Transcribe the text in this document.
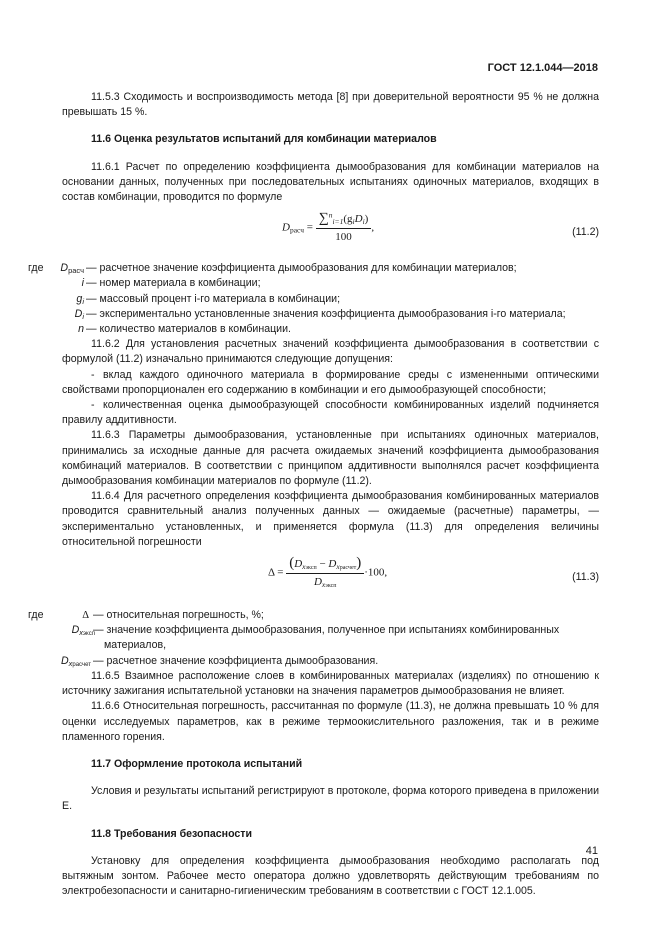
ГОСТ 12.1.044—2018

11.5.3 Сходимость и воспроизводимость метода [8] при доверительной вероятности 95 % не должна превышать 15 %.

11.6 Оценка результатов испытаний для комбинации материалов

11.6.1 Расчет по определению коэффициента дымообразования для комбинации материалов на основании данных, полученных при последовательных испытаниях одиночных материалов, входящих в состав комбинации, проводится по формуле

$D_{расч} = \frac{\sum^n_{i=1}(g_iD_i)}{100}$ ,	(11.2)
где $D_{расч}$ — расчетное значение коэффициента дымообразования для комбинации материалов;
i — номер материала в комбинации;
$g_i$ — массовый процент i-го материала в комбинации;
$D_i$ — экспериментально установленные значения коэффициента дымообразования i-го материала;
n — количество материалов в комбинации.

11.6.2 Для установления расчетных значений коэффициента дымообразования в соответствии с формулой (11.2) изначально принимаются следующие допущения:

- вклад каждого одиночного материала в формирование среды с измененными оптическими свойствами пропорционален его содержанию в комбинации и его дымообразующей способности;

- количественная оценка дымообразующей способности комбинированных изделий подчиняется правилу аддитивности.

11.6.3 Параметры дымообразования, установленные при испытаниях одиночных материалов, принимались за исходные данные для расчета ожидаемых значений коэффициента дымообразования комбинаций материалов. В соответствии с принципом аддитивности выполнялся расчет коэффициента дымообразования комбинации материалов по формуле (11.2).

11.6.4 Для расчетного определения коэффициента дымообразования комбинированных материалов проводится сравнительный анализ полученных данных — ожидаемые (расчетные) параметры, — экспериментально установленных, и применяется формула (11.3) для определения величины относительной погрешности

$\Delta = \frac{(D_{xэксп} - D_{xрасчет})}{D_{xэксп}} \cdot 100$,	(11.3)
где	Δ — относительная погрешность, %;
$D_{xэксп}$
— значение коэффициента дымообразования, полученное при испытаниях комбинированных материалов,
$D_{xрасчет}$ — расчетное значение коэффициента дымообразования.

11.6.5 Взаимное расположение слоев в комбинированных материалах (изделиях) по отношению к источнику зажигания испытательной установки на значения параметров дымообразования не влияет.

11.6.6 Относительная погрешность, рассчитанная по формуле (11.3), не должна превышать 10 % для оценки исследуемых параметров, как в режиме термоокислительного разложения, так и в режиме пламенного горения.

11.7 Оформление протокола испытаний

Условия и результаты испытаний регистрируют в протоколе, форма которого приведена в приложении Е.

11.8 Требования безопасности

Установку для определения коэффициента дымообразования необходимо располагать под вытяжным зонтом. Рабочее место оператора должно удовлетворять действующим требованиям по электробезопасности и санитарно-гигиеническим требованиям в соответствии с ГОСТ 12.1.005.

41
